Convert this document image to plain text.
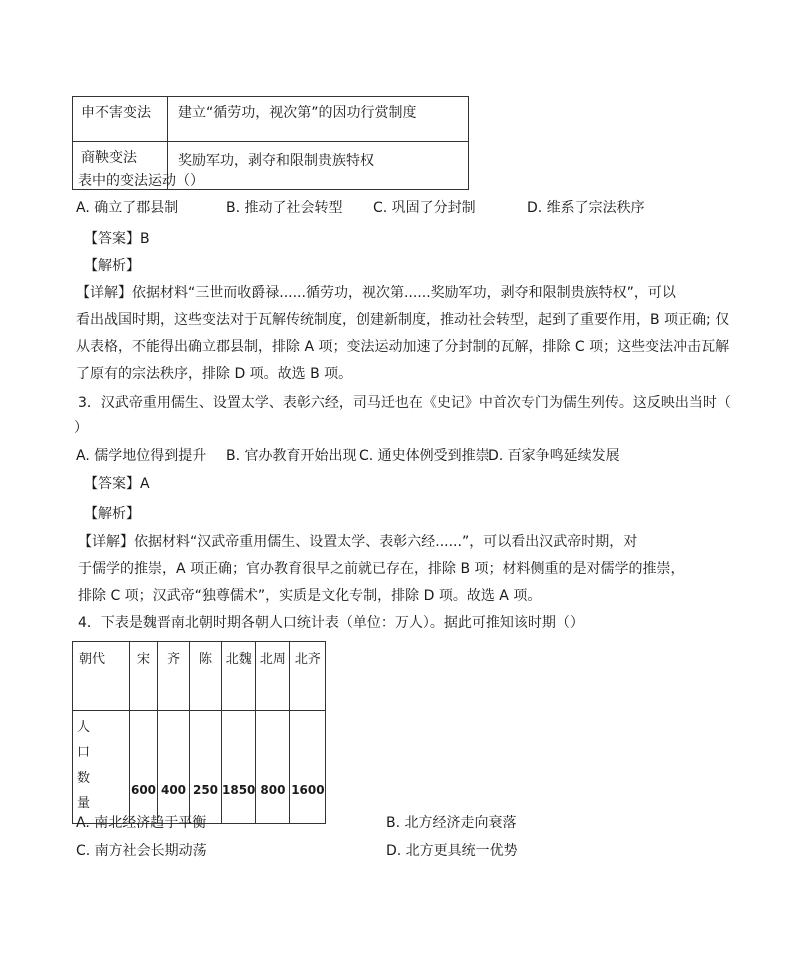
申不害变法	建立“循劳功，视次第”的因功行赏制度
商鞅变法	奖励军功，剥夺和限制贵族特权
表中的变法运动（）
A. 确立了郡县制	B. 推动了社会转型 C. 巩固了分封制	D. 维系了宗法秩序
【答案】B
【解析】
【详解】依据材料“三世而收爵禄......循劳功，视次第......奖励军功，剥夺和限制贵族特权”，可以
看出战国时期，这些变法对于瓦解传统制度，创建新制度，推动社会转型，起到了重要作用，B 项正确; 仅
从表格，不能得出确立郡县制，排除 A 项；变法运动加速了分封制的瓦解，排除 C 项；这些变法冲击瓦解
了原有的宗法秩序，排除 D 项。故选 B 项。
3．汉武帝重用儒生、设置太学、表彰六经，司马迁也在《史记》中首次专门为儒生列传。这反映出当时（
）
A. 儒学地位得到提升 B. 官办教育开始出现 C. 通史体例受到推崇
D. 百家争鸣延续发展
【答案】A
【解析】
【详解】依据材料“汉武帝重用儒生、设置太学、表彰六经......”，可以看出汉武帝时期，对
于儒学的推崇，A 项正确；官办教育很早之前就已存在，排除 B 项；材料侧重的是对儒学的推崇，
排除 C 项；汉武帝“独尊儒术”，实质是文化专制，排除 D 项。故选 A 项。
4．下表是魏晋南北朝时期各朝人口统计表（单位：万人）。据此可推知该时期（）
朝代	宋	齐	陈	北魏	北周	北齐

人
口
数
量	600	400	250	1850	800	1600
A. 南北经济趋于平衡	B. 北方经济走向衰落
C. 南方社会长期动荡	D. 北方更具统一优势
